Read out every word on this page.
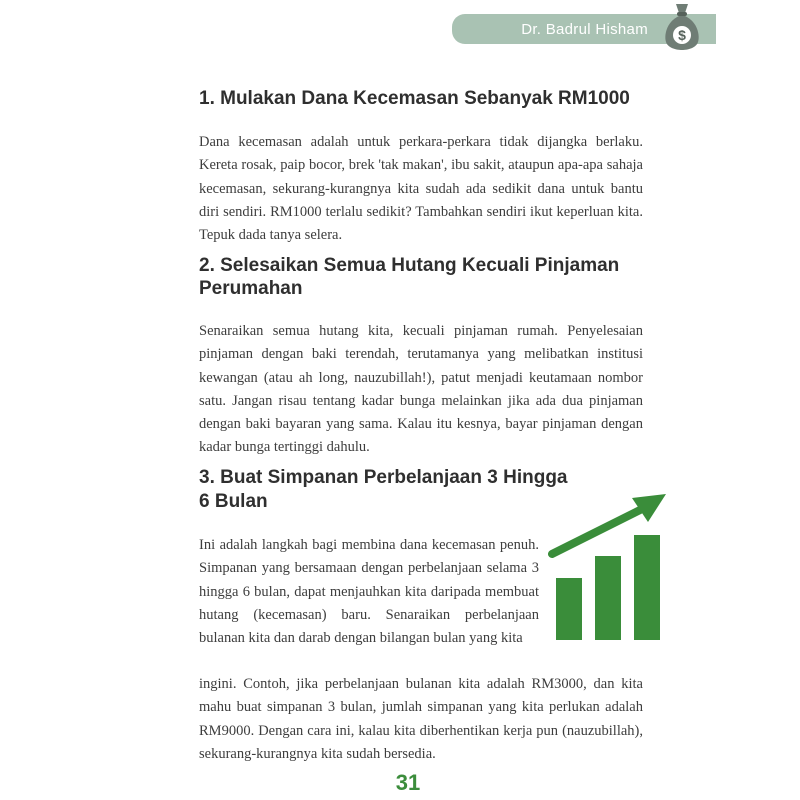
Dr. Badrul Hisham $
1. Mulakan Dana Kecemasan Sebanyak RM1000

Dana kecemasan adalah untuk perkara-perkara tidak dijangka berlaku. Kereta rosak, paip bocor, brek 'tak makan', ibu sakit, ataupun apa-apa sahaja kecemasan, sekurang-kurangnya kita sudah ada sedikit dana untuk bantu diri sendiri. RM1000 terlalu sedikit? Tambahkan sendiri ikut keperluan kita. Tepuk dada tanya selera.

2. Selesaikan Semua Hutang Kecuali Pinjaman
Perumahan

Senaraikan semua hutang kita, kecuali pinjaman rumah. Penyelesaian pinjaman dengan baki terendah, terutamanya yang melibatkan institusi kewangan (atau ah long, nauzubillah!), patut menjadi keutamaan nombor satu. Jangan risau tentang kadar bunga melainkan jika ada dua pinjaman dengan baki bayaran yang sama. Kalau itu kesnya, bayar pinjaman dengan kadar bunga tertinggi dahulu.

3. Buat Simpanan Perbelanjaan 3 Hingga
6 Bulan

Ini adalah langkah bagi membina dana kecemasan penuh. Simpanan yang bersamaan dengan perbelanjaan selama 3 hingga 6 bulan, dapat menjauhkan kita daripada membuat hutang (kecemasan) baru. Senaraikan perbelanjaan bulanan kita dan darab dengan bilangan bulan yang kita

ingini. Contoh, jika perbelanjaan bulanan kita adalah RM3000, dan kita mahu buat simpanan 3 bulan, jumlah simpanan yang kita perlukan adalah RM9000. Dengan cara ini, kalau kita diberhentikan kerja pun (nauzubillah), sekurang-kurangnya kita sudah bersedia.

31
